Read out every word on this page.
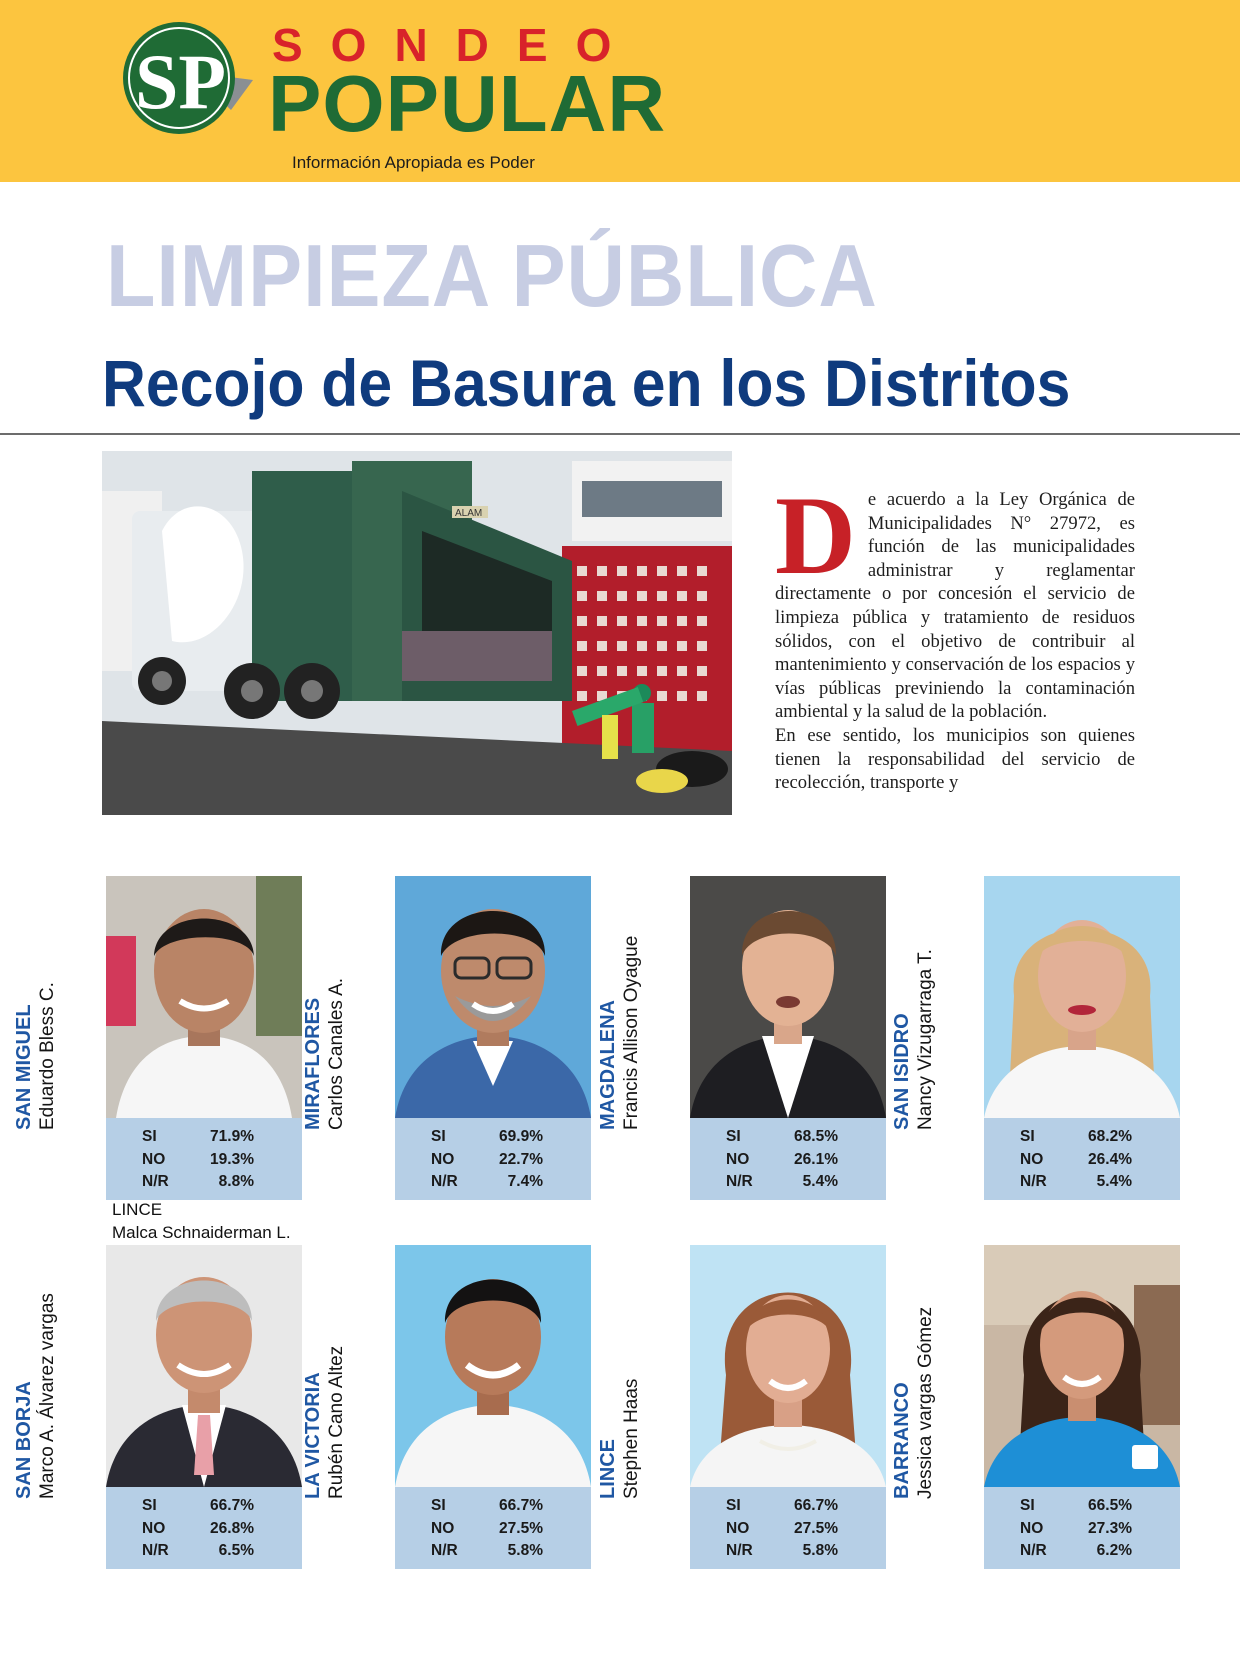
SP SONDEO
POPULAR
Información Apropiada es Poder
LIMPIEZA PÚBLICA
Recojo de Basura en los Distritos
ALAM	D e acuerdo a la Ley Orgánica de Municipalidades N° 27972, es función de las municipalidades administrar y reglamentar directamente o por concesión el servicio de limpieza pública y tratamiento de residuos sólidos, con el objetivo de contribuir al mantenimiento y conservación de los espacios y vías públicas previniendo la contaminación ambiental y la salud de la población.

En ese sentido, los municipios son quienes tienen la responsabilidad del servicio de recolección, transporte y

SAN MIGUEL Eduardo Bless C.
SI	71.9%
NO	19.3%
N/R	8.8%
MIRAFLORES Carlos Canales A.
SI	69.9%
NO	22.7%
N/R	7.4%
MAGDALENA Francis Allison Oyague
SI	68.5%
NO	26.1%
N/R	5.4%
SAN ISIDRO Nancy Vizugarraga T.
SI	68.2%
NO	26.4%
N/R	5.4%
LINCE
Malca Schnaiderman L.
SAN BORJA Marco A. Álvarez vargas
SI	66.7%
NO	26.8%
N/R	6.5%
LA VICTORIA Rubén Cano Altez
SI	66.7%
NO	27.5%
N/R	5.8%
LINCE Stephen Haas
SI	66.7%
NO	27.5%
N/R	5.8%
BARRANCO Jessica vargas Gómez
SI	66.5%
NO	27.3%
N/R	6.2%
